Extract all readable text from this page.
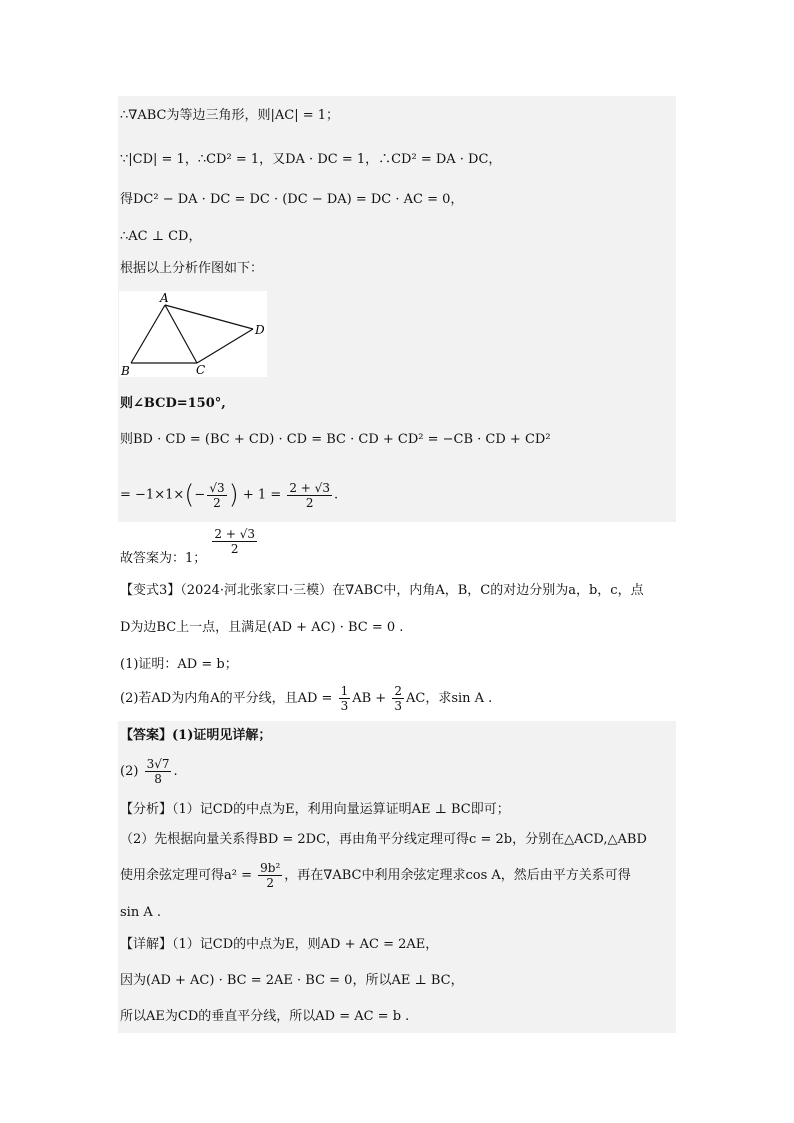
∴∇ABC为等边三角形，则|AC| = 1；
∵|CD| = 1，∴CD² = 1，又DA · DC = 1，∴CD² = DA · DC，
得DC² − DA · DC = DC · (DC − DA) = DC · AC = 0，
∴AC ⊥ CD，
根据以上分析作图如下：
A
B	C
D
则∠BCD=150°,
则BD · CD = (BC + CD) · CD = BC · CD + CD² = −CB · CD + CD²
= $-1\times 1\times(- \frac{√3}{2}$ ) + $1 = \frac{2 + √3}{2}$ .
故答案为：1；
$\frac{2 + √3}{2}$
【变式3】（2024·河北张家口·三模）在∇ABC中，内角A，B，C的对边分别为a，b，c，点
D为边BC上一点，且满足(AD + AC) · BC = 0 .
(1)证明：AD = b；
(2)若AD为内角A的平分线，且AD = $\frac{1}{3}$ AB + $\frac{2}{3}$ AC，求sin A .
【答案】(1)证明见详解；
$(2) \frac{3√7}{8}$ .
【分析】（1）记CD的中点为E，利用向量运算证明AE ⊥ BC即可；
（2）先根据向量关系得BD = 2DC，再由角平分线定理可得c = 2b，分别在△ACD,△ABD
使用余弦定理可得$a^2 = \frac{\text{9b²}}{2}$ ，再在∇ABC中利用余弦定理求cos A，然后由平方关系可得
sin A .
【详解】（1）记CD的中点为E，则AD + AC = 2AE，
因为(AD + AC) · BC = 2AE · BC = 0，所以AE ⊥ BC，
所以AE为CD的垂直平分线，所以AD = AC = b .
